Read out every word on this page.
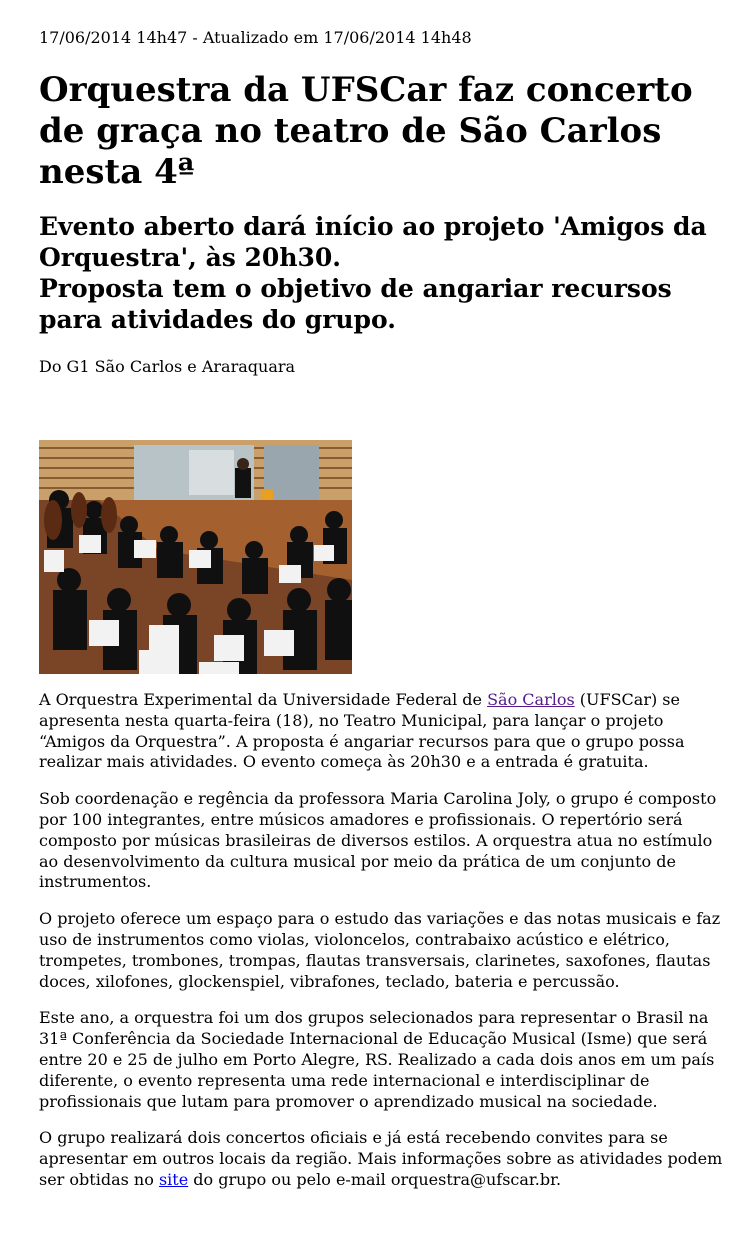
17/06/2014 14h47 - Atualizado em 17/06/2014 14h48
Orquestra da UFSCar faz concerto de graça no teatro de São Carlos nesta 4ª
Evento aberto dará início ao projeto 'Amigos da Orquestra', às 20h30.
Proposta tem o objetivo de angariar recursos para atividades do grupo.
Do G1 São Carlos e Araraquara

A Orquestra Experimental da Universidade Federal de São Carlos (UFSCar) se apresenta nesta quarta-feira (18), no Teatro Municipal, para lançar o projeto “Amigos da Orquestra”. A proposta é angariar recursos para que o grupo possa realizar mais atividades. O evento começa às 20h30 e a entrada é gratuita.

Sob coordenação e regência da professora Maria Carolina Joly, o grupo é composto por 100 integrantes, entre músicos amadores e profissionais. O repertório será composto por músicas brasileiras de diversos estilos. A orquestra atua no estímulo ao desenvolvimento da cultura musical por meio da prática de um conjunto de instrumentos.

O projeto oferece um espaço para o estudo das variações e das notas musicais e faz uso de instrumentos como violas, violoncelos, contrabaixo acústico e elétrico, trompetes, trombones, trompas, flautas transversais, clarinetes, saxofones, flautas doces, xilofones, glockenspiel, vibrafones, teclado, bateria e percussão.

Este ano, a orquestra foi um dos grupos selecionados para representar o Brasil na 31ª Conferência da Sociedade Internacional de Educação Musical (Isme) que será entre 20 e 25 de julho em Porto Alegre, RS. Realizado a cada dois anos em um país diferente, o evento representa uma rede internacional e interdisciplinar de profissionais que lutam para promover o aprendizado musical na sociedade.

O grupo realizará dois concertos oficiais e já está recebendo convites para se apresentar em outros locais da região. Mais informações sobre as atividades podem ser obtidas no site do grupo ou pelo e-mail orquestra@ufscar.br.
